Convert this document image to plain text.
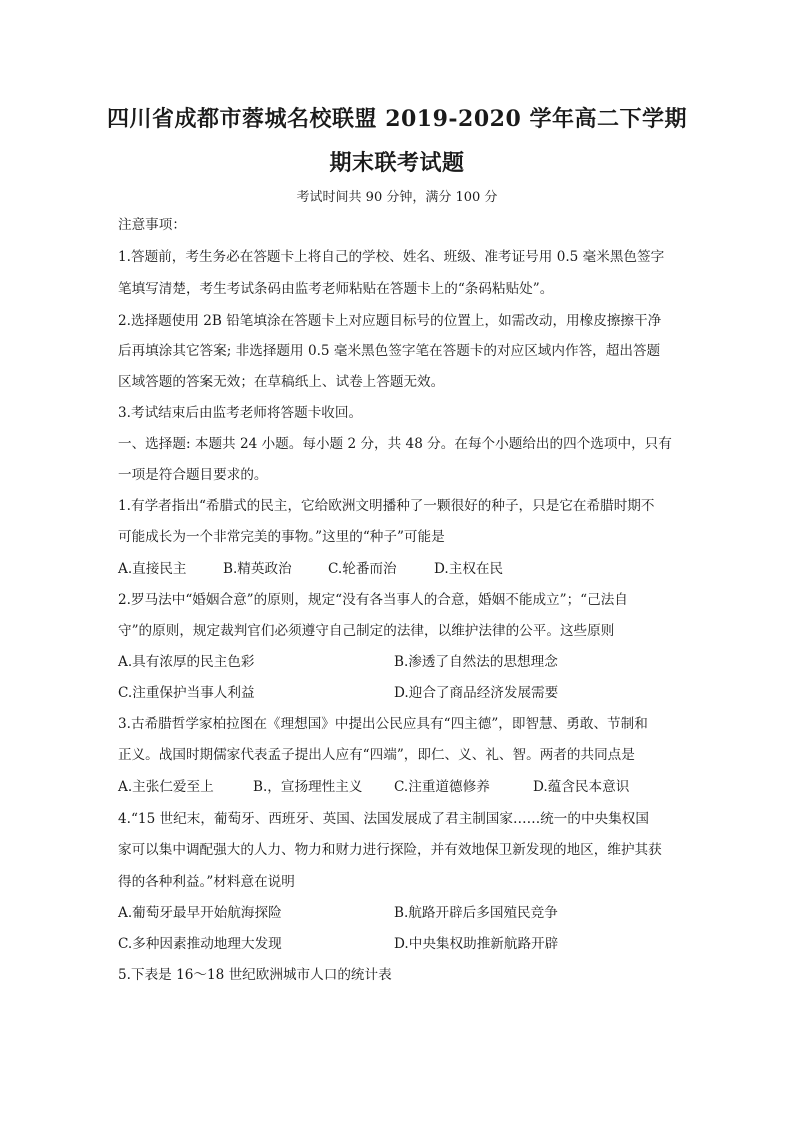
四川省成都市蓉城名校联盟 2019-2020 学年高二下学期
期末联考试题
考试时间共 90 分钟，满分 100 分
注意事项：
1.答题前，考生务必在答题卡上将自己的学校、姓名、班级、准考证号用 0.5 毫米黑色签字
笔填写清楚，考生考试条码由监考老师粘贴在答题卡上的“条码粘贴处”。
2.选择题使用 2B 铅笔填涂在答题卡上对应题目标号的位置上，如需改动，用橡皮擦擦干净
后再填涂其它答案; 非选择题用 0.5 毫米黑色签字笔在答题卡的对应区域内作答，超出答题
区域答题的答案无效；在草稿纸上、试卷上答题无效。
3.考试结束后由监考老师将答题卡收回。
一、选择题: 本题共 24 小题。每小题 2 分，共 48 分。在每个小题给出的四个选项中，只有
一项是符合题目要求的。
1.有学者指出“希腊式的民主，它给欧洲文明播种了一颗很好的种子，只是它在希腊时期不
可能成长为一个非常完美的事物。”这里的“种子”可能是
A.直接民主	B.精英政治	C.轮番而治	D.主权在民
2.罗马法中“婚姻合意”的原则，规定“没有各当事人的合意，婚姻不能成立”；“己法自
守”的原则，规定裁判官们必须遵守自己制定的法律，以维护法律的公平。这些原则
A.具有浓厚的民主色彩	B.渗透了自然法的思想理念
C.注重保护当事人利益	D.迎合了商品经济发展需要
3.古希腊哲学家柏拉图在《理想国》中提出公民应具有“四主德”，即智慧、勇敢、节制和
正义。战国时期儒家代表孟子提出人应有“四端”，即仁、义、礼、智。两者的共同点是
A.主张仁爱至上	B.，宣扬理性主义 C.注重道德修养	D.蕴含民本意识
4.“15 世纪末，葡萄牙、西班牙、英国、法国发展成了君主制国家……统一的中央集权国
家可以集中调配强大的人力、物力和财力进行探险，并有效地保卫新发现的地区，维护其获
得的各种利益。”材料意在说明
A.葡萄牙最早开始航海探险	B.航路开辟后多国殖民竞争
C.多种因素推动地理大发现	D.中央集权助推新航路开辟
5.下表是 16～18 世纪欧洲城市人口的统计表
